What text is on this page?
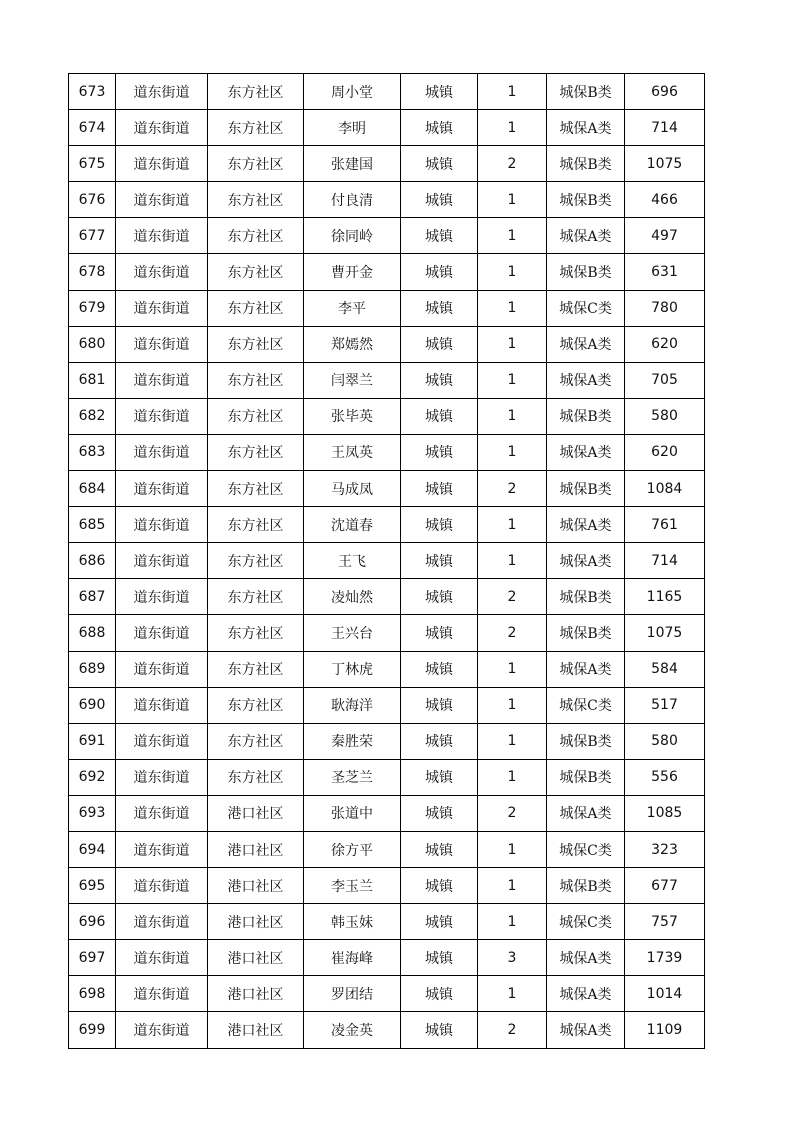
673	道东街道	东方社区	周小堂	城镇	1	城保B类	696
674	道东街道	东方社区	李明	城镇	1	城保A类	714
675	道东街道	东方社区	张建国	城镇	2	城保B类	1075
676	道东街道	东方社区	付良清	城镇	1	城保B类	466
677	道东街道	东方社区	徐同岭	城镇	1	城保A类	497
678	道东街道	东方社区	曹开金	城镇	1	城保B类	631
679	道东街道	东方社区	李平	城镇	1	城保C类	780
680	道东街道	东方社区	郑嫣然	城镇	1	城保A类	620
681	道东街道	东方社区	闫翠兰	城镇	1	城保A类	705
682	道东街道	东方社区	张毕英	城镇	1	城保B类	580
683	道东街道	东方社区	王凤英	城镇	1	城保A类	620
684	道东街道	东方社区	马成凤	城镇	2	城保B类	1084
685	道东街道	东方社区	沈道春	城镇	1	城保A类	761
686	道东街道	东方社区	王飞	城镇	1	城保A类	714
687	道东街道	东方社区	凌灿然	城镇	2	城保B类	1165
688	道东街道	东方社区	王兴台	城镇	2	城保B类	1075
689	道东街道	东方社区	丁林虎	城镇	1	城保A类	584
690	道东街道	东方社区	耿海洋	城镇	1	城保C类	517
691	道东街道	东方社区	秦胜荣	城镇	1	城保B类	580
692	道东街道	东方社区	圣芝兰	城镇	1	城保B类	556
693	道东街道	港口社区	张道中	城镇	2	城保A类	1085
694	道东街道	港口社区	徐方平	城镇	1	城保C类	323
695	道东街道	港口社区	李玉兰	城镇	1	城保B类	677
696	道东街道	港口社区	韩玉妹	城镇	1	城保C类	757
697	道东街道	港口社区	崔海峰	城镇	3	城保A类	1739
698	道东街道	港口社区	罗团结	城镇	1	城保A类	1014
699	道东街道	港口社区	凌金英	城镇	2	城保A类	1109
